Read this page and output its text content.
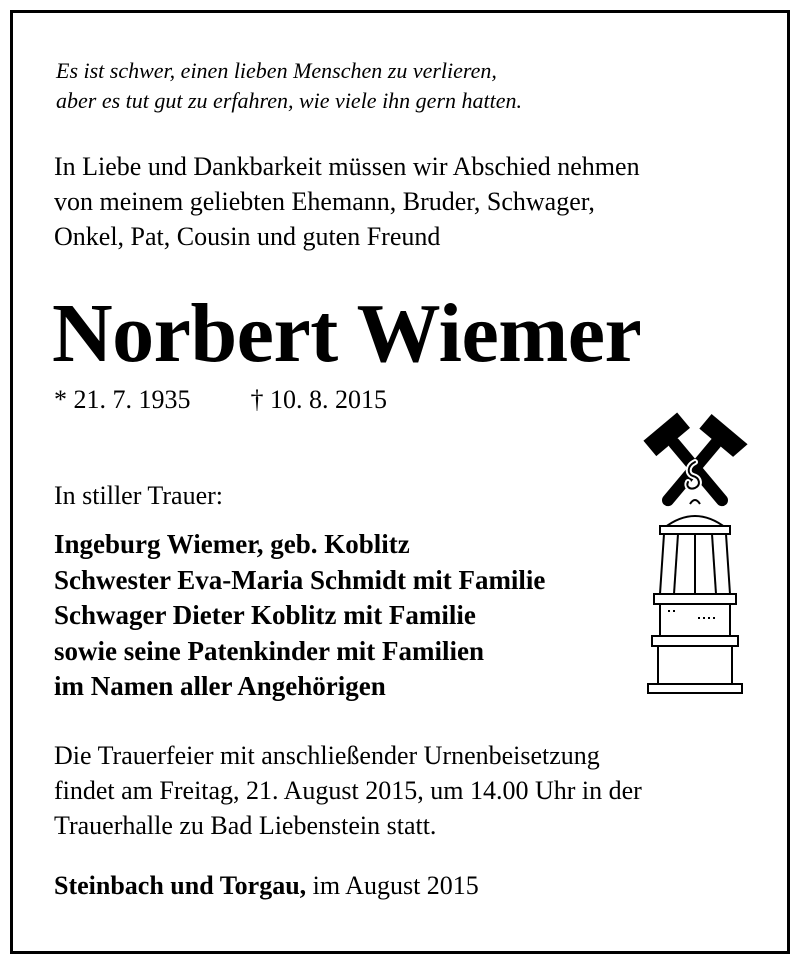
Es ist schwer, einen lieben Menschen zu verlieren,

aber es tut gut zu erfahren, wie viele ihn gern hatten.

In Liebe und Dankbarkeit müssen wir Abschied nehmen

von meinem geliebten Ehemann, Bruder, Schwager,

Onkel, Pat, Cousin und guten Freund

Norbert Wiemer
* 21. 7. 1935 † 10. 8. 2015

In stiller Trauer:

Ingeburg Wiemer, geb. Koblitz
Schwester Eva-Maria Schmidt mit Familie
Schwager Dieter Koblitz mit Familie
sowie seine Patenkinder mit Familien
im Namen aller Angehörigen
Die Trauerfeier mit anschließender Urnenbeisetzung
findet am Freitag, 21. August 2015, um 14.00 Uhr in der
Trauerhalle zu Bad Liebenstein statt.
Steinbach und Torgau, im August 2015
